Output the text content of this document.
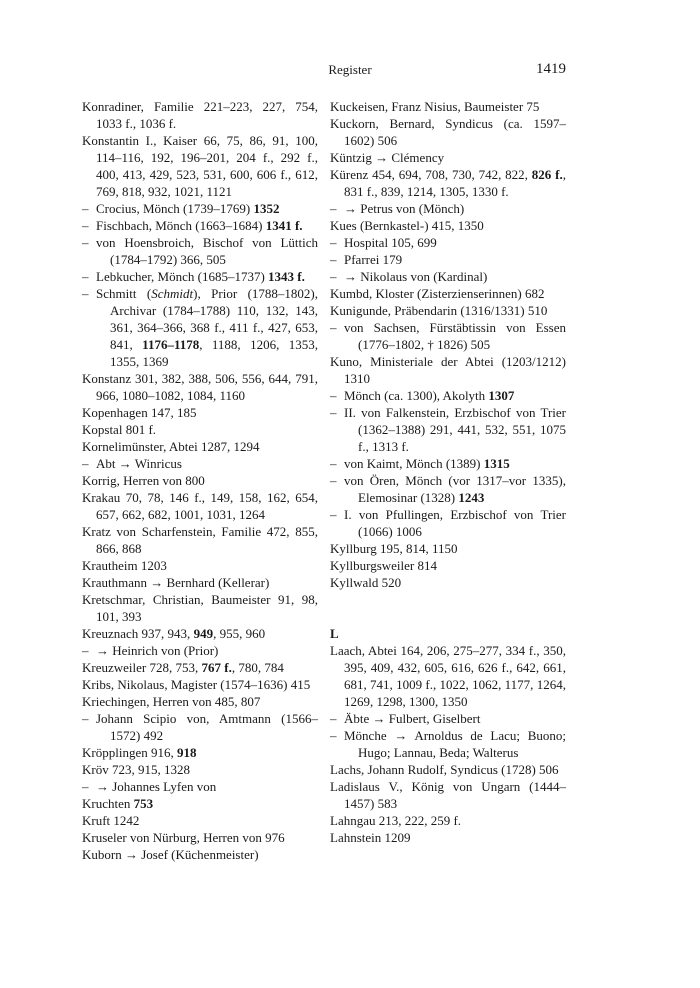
Register	1419
Konradiner, Familie 221–223, 227, 754, 1033 f., 1036 f.
Konstantin I., Kaiser 66, 75, 86, 91, 100, 114–116, 192, 196–201, 204 f., 292 f., 400, 413, 429, 523, 531, 600, 606 f., 612, 769, 818, 932, 1021, 1121
– Crocius, Mönch (1739–1769) 1352
– Fischbach, Mönch (1663–1684) 1341 f.
– von Hoensbroich, Bischof von Lüttich (1784–1792) 366, 505
– Lebkucher, Mönch (1685–1737) 1343 f.
– Schmitt (Schmidt), Prior (1788–1802), Archivar (1784–1788) 110, 132, 143, 361, 364–366, 368 f., 411 f., 427, 653, 841, 1176–1178, 1188, 1206, 1353, 1355, 1369
Konstanz 301, 382, 388, 506, 556, 644, 791, 966, 1080–1082, 1084, 1160
Kopenhagen 147, 185
Kopstal 801 f.
Kornelimünster, Abtei 1287, 1294
– Abt → Winricus
Korrig, Herren von 800
Krakau 70, 78, 146 f., 149, 158, 162, 654, 657, 662, 682, 1001, 1031, 1264
Kratz von Scharfenstein, Familie 472, 855, 866, 868
Krautheim 1203
Krauthmann → Bernhard (Kellerar)
Kretschmar, Christian, Baumeister 91, 98, 101, 393
Kreuznach 937, 943, 949, 955, 960
– → Heinrich von (Prior)
Kreuzweiler 728, 753, 767 f., 780, 784
Kribs, Nikolaus, Magister (1574–1636) 415
Kriechingen, Herren von 485, 807
– Johann Scipio von, Amtmann (1566–1572) 492
Kröpplingen 916, 918
Kröv 723, 915, 1328
– → Johannes Lyfen von
Kruchten 753
Kruft 1242
Kruseler von Nürburg, Herren von 976
Kuborn → Josef (Küchenmeister)
Kuckeisen, Franz Nisius, Baumeister 75
Kuckorn, Bernard, Syndicus (ca. 1597–1602) 506
Küntzig → Clémency
Kürenz 454, 694, 708, 730, 742, 822, 826 f., 831 f., 839, 1214, 1305, 1330 f.
– → Petrus von (Mönch)
Kues (Bernkastel-) 415, 1350
– Hospital 105, 699
– Pfarrei 179
– → Nikolaus von (Kardinal)
Kumbd, Kloster (Zisterzienserinnen) 682
Kunigunde, Präbendarin (1316/1331) 510
– von Sachsen, Fürstäbtissin von Essen (1776–1802, † 1826) 505
Kuno, Ministeriale der Abtei (1203/1212) 1310
– Mönch (ca. 1300), Akolyth 1307
– II. von Falkenstein, Erzbischof von Trier (1362–1388) 291, 441, 532, 551, 1075 f., 1313 f.
– von Kaimt, Mönch (1389) 1315
– von Ören, Mönch (vor 1317–vor 1335), Elemosinar (1328) 1243
– I. von Pfullingen, Erzbischof von Trier (1066) 1006
Kyllburg 195, 814, 1150
Kyllburgsweiler 814
Kyllwald 520
L
Laach, Abtei 164, 206, 275–277, 334 f., 350, 395, 409, 432, 605, 616, 626 f., 642, 661, 681, 741, 1009 f., 1022, 1062, 1177, 1264, 1269, 1298, 1300, 1350
– Äbte → Fulbert, Giselbert
– Mönche → Arnoldus de Lacu; Buono; Hugo; Lannau, Beda; Walterus
Lachs, Johann Rudolf, Syndicus (1728) 506
Ladislaus V., König von Ungarn (1444–1457) 583
Lahngau 213, 222, 259 f.
Lahnstein 1209
